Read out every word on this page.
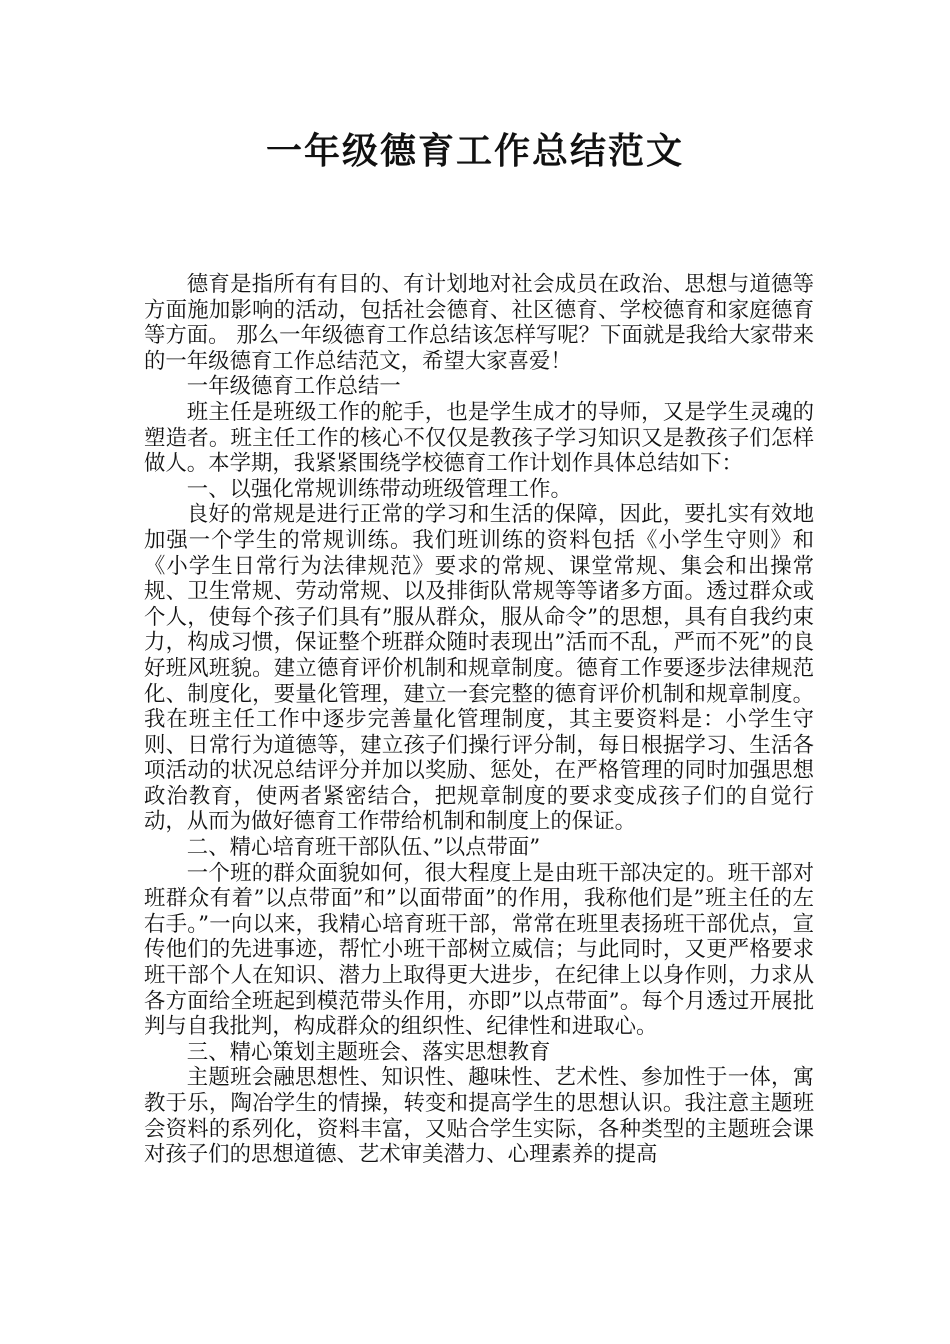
一年级德育工作总结范文

德育是指所有有目的、有计划地对社会成员在政治、思想与道德等方面施加影响的活动，包括社会德育、社区德育、学校德育和家庭德育等方面。 那么一年级德育工作总结该怎样写呢？下面就是我给大家带来的一年级德育工作总结范文，希望大家喜爱！

一年级德育工作总结一

班主任是班级工作的舵手，也是学生成才的导师，又是学生灵魂的塑造者。班主任工作的核心不仅仅是教孩子学习知识又是教孩子们怎样做人。本学期，我紧紧围绕学校德育工作计划作具体总结如下：

一、以强化常规训练带动班级管理工作。

良好的常规是进行正常的学习和生活的保障，因此，要扎实有效地加强一个学生的常规训练。我们班训练的资料包括《小学生守则》和《小学生日常行为法律规范》要求的常规、课堂常规、集会和出操常规、卫生常规、劳动常规、以及排街队常规等等诸多方面。透过群众或个人，使每个孩子们具有”服从群众，服从命令”的思想，具有自我约束力，构成习惯，保证整个班群众随时表现出”活而不乱，严而不死”的良好班风班貌。建立德育评价机制和规章制度。德育工作要逐步法律规范化、制度化，要量化管理，建立一套完整的德育评价机制和规章制度。我在班主任工作中逐步完善量化管理制度，其主要资料是：小学生守则、日常行为道德等，建立孩子们操行评分制，每日根据学习、生活各项活动的状况总结评分并加以奖励、惩处，在严格管理的同时加强思想政治教育，使两者紧密结合，把规章制度的要求变成孩子们的自觉行动，从而为做好德育工作带给机制和制度上的保证。

二、精心培育班干部队伍、”以点带面”

一个班的群众面貌如何，很大程度上是由班干部决定的。班干部对班群众有着”以点带面”和”以面带面”的作用，我称他们是”班主任的左右手。”一向以来，我精心培育班干部，常常在班里表扬班干部优点，宣传他们的先进事迹，帮忙小班干部树立威信；与此同时，又更严格要求班干部个人在知识、潜力上取得更大进步，在纪律上以身作则，力求从各方面给全班起到模范带头作用，亦即”以点带面”。每个月透过开展批判与自我批判，构成群众的组织性、纪律性和进取心。

三、精心策划主题班会、落实思想教育

主题班会融思想性、知识性、趣味性、艺术性、参加性于一体，寓教于乐，陶冶学生的情操，转变和提高学生的思想认识。我注意主题班会资料的系列化，资料丰富，又贴合学生实际，各种类型的主题班会课对孩子们的思想道德、艺术审美潜力、心理素养的提高
